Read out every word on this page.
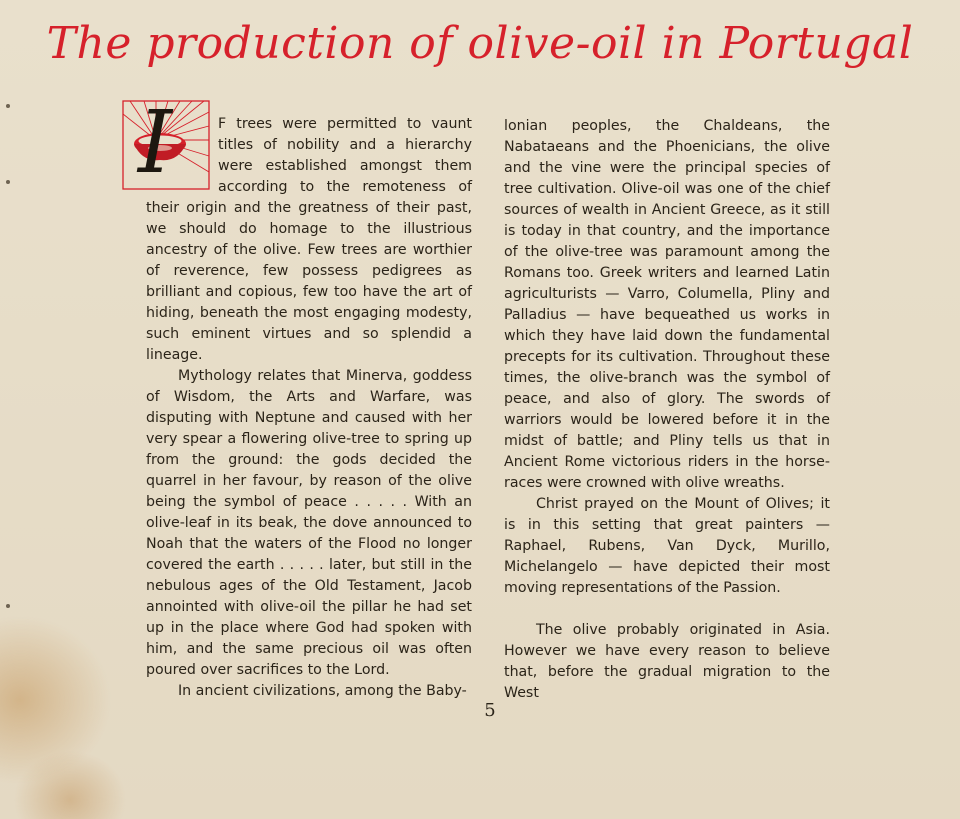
The production of olive-oil in Portugal
I	F trees were permitted to vaunt titles of nobility and a hierarchy were established amongst them according to the remoteness of their origin and the greatness of their past, we should do homage to the illustrious ancestry of the olive. Few trees are worthier of reverence, few possess pedigrees as brilliant and copious, few too have the art of hiding, beneath the most engaging modesty, such eminent virtues and so splendid a lineage.

Mythology relates that Minerva, goddess of Wisdom, the Arts and Warfare, was disputing with Neptune and caused with her very spear a flowering olive-tree to spring up from the ground: the gods decided the quarrel in her favour, by reason of the olive being the symbol of peace . . . . . With an olive-leaf in its beak, the dove announced to Noah that the waters of the Flood no longer covered the earth . . . . . later, but still in the nebulous ages of the Old Testament, Jacob annointed with olive-oil the pillar he had set up in the place where God had spoken with him, and the same precious oil was often poured over sacrifices to the Lord.

In ancient civilizations, among the Baby-

lonian peoples, the Chaldeans, the Nabataeans and the Phoenicians, the olive and the vine were the principal species of tree cultivation. Olive-oil was one of the chief sources of wealth in Ancient Greece, as it still is today in that country, and the importance of the olive-tree was paramount among the Romans too. Greek writers and learned Latin agriculturists — Varro, Columella, Pliny and Palladius — have bequeathed us works in which they have laid down the fundamental precepts for its cultivation. Throughout these times, the olive-branch was the symbol of peace, and also of glory. The swords of warriors would be lowered before it in the midst of battle; and Pliny tells us that in Ancient Rome victorious riders in the horse-races were crowned with olive wreaths.

Christ prayed on the Mount of Olives; it is in this setting that great painters — Raphael, Rubens, Van Dyck, Murillo, Michelangelo — have depicted their most moving representations of the Passion.

The olive probably originated in Asia. However we have every reason to believe that, before the gradual migration to the West

5
